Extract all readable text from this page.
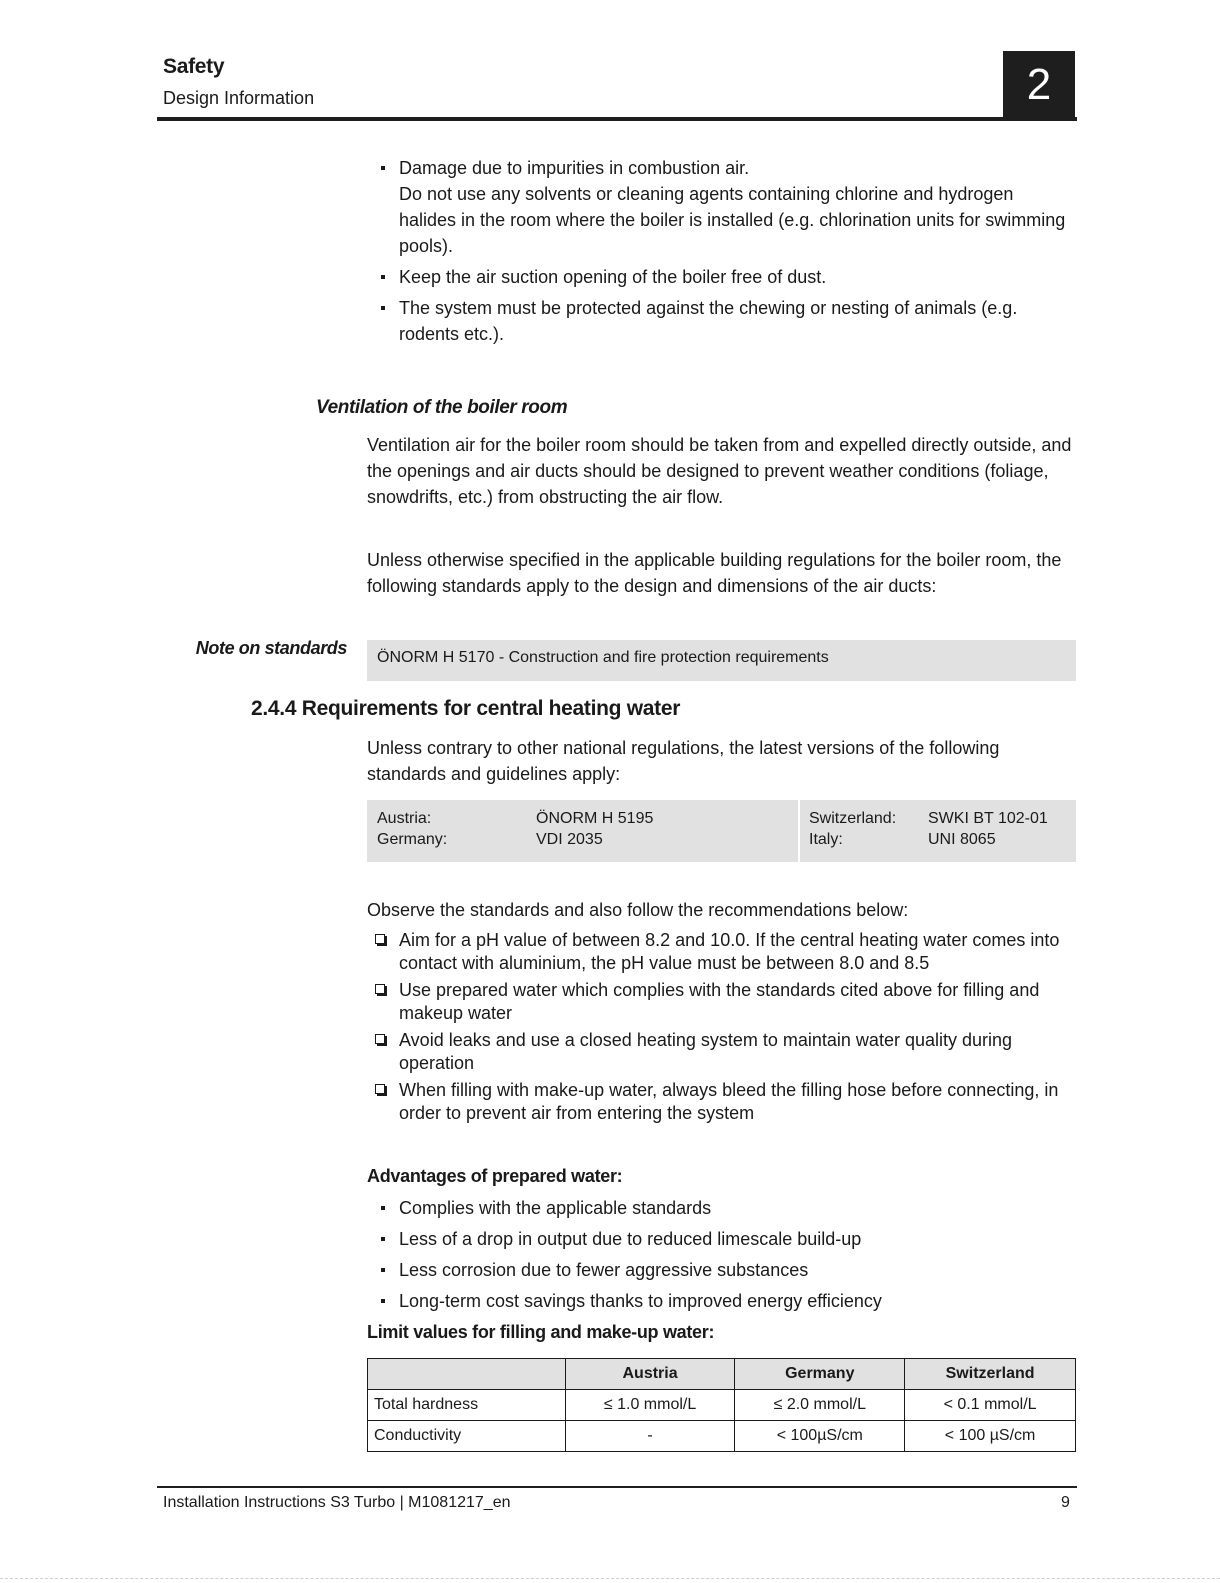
Safety
Design Information	2
Damage due to impurities in combustion air.
Do not use any solvents or cleaning agents containing chlorine and hydrogen halides in the room where the boiler is installed (e.g. chlorination units for swimming pools).
Keep the air suction opening of the boiler free of dust.
The system must be protected against the chewing or nesting of animals (e.g. rodents etc.).
Ventilation of the boiler room
Ventilation air for the boiler room should be taken from and expelled directly outside, and the openings and air ducts should be designed to prevent weather conditions (foliage, snowdrifts, etc.) from obstructing the air flow.
Unless otherwise specified in the applicable building regulations for the boiler room, the following standards apply to the design and dimensions of the air ducts:
Note on standards	ÖNORM H 5170 - Construction and fire protection requirements
2.4.4 Requirements for central heating water
Unless contrary to other national regulations, the latest versions of the following standards and guidelines apply:
Austria:	ÖNORM H 5195
Germany:	VDI 2035
Switzerland: SWKI BT 102-01
Italy:	UNI 8065
Observe the standards and also follow the recommendations below:
Aim for a pH value of between 8.2 and 10.0. If the central heating water comes into contact with aluminium, the pH value must be between 8.0 and 8.5
Use prepared water which complies with the standards cited above for filling and makeup water
Avoid leaks and use a closed heating system to maintain water quality during operation
When filling with make-up water, always bleed the filling hose before connecting, in order to prevent air from entering the system
Advantages of prepared water:
Complies with the applicable standards
Less of a drop in output due to reduced limescale build-up
Less corrosion due to fewer aggressive substances
Long-term cost savings thanks to improved energy efficiency
Limit values for filling and make-up water:
	Austria	Germany	Switzerland
Total hardness	≤ 1.0 mmol/L	≤ 2.0 mmol/L	< 0.1 mmol/L
Conductivity	-	< 100µS/cm	< 100 µS/cm
Installation Instructions S3 Turbo | M1081217_en	9
